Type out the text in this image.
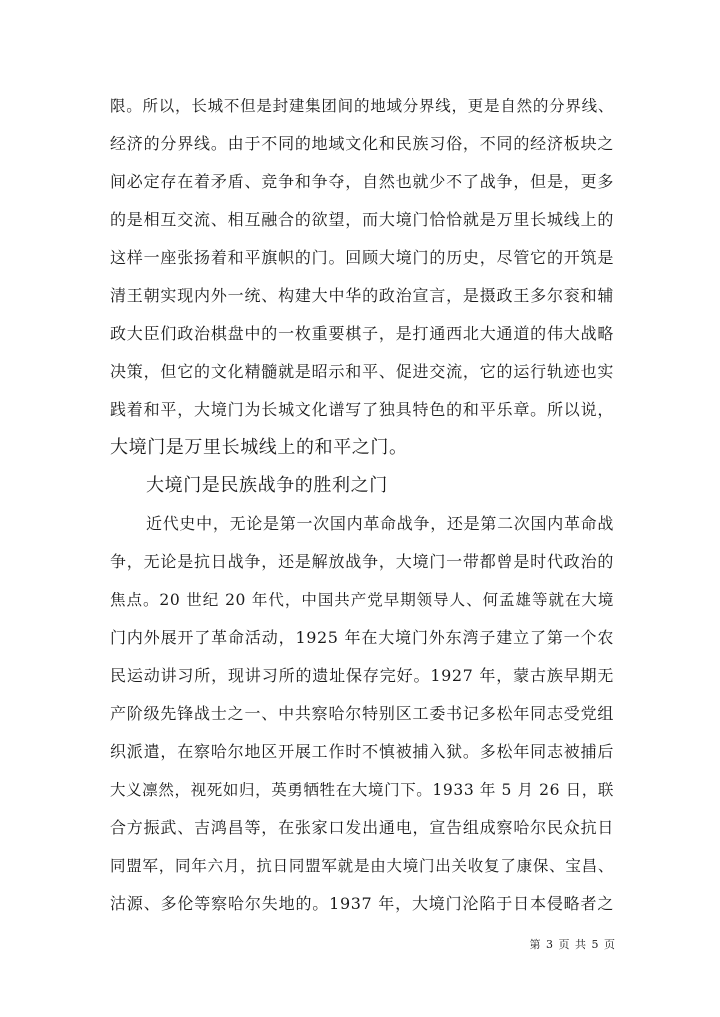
限。所以，长城不但是封建集团间的地域分界线，更是自然的分界线、
经济的分界线。由于不同的地域文化和民族习俗，不同的经济板块之
间必定存在着矛盾、竞争和争夺，自然也就少不了战争，但是，更多
的是相互交流、相互融合的欲望，而大境门恰恰就是万里长城线上的
这样一座张扬着和平旗帜的门。回顾大境门的历史，尽管它的开筑是
清王朝实现内外一统、构建大中华的政治宣言，是摄政王多尔衮和辅
政大臣们政治棋盘中的一枚重要棋子，是打通西北大通道的伟大战略
决策，但它的文化精髓就是昭示和平、促进交流，它的运行轨迹也实
践着和平，大境门为长城文化谱写了独具特色的和平乐章。所以说，
大境门是万里长城线上的和平之门。
大境门是民族战争的胜利之门
近代史中，无论是第一次国内革命战争，还是第二次国内革命战
争，无论是抗日战争，还是解放战争，大境门一带都曾是时代政治的
焦点。20 世纪 20 年代，中国共产党早期领导人、何孟雄等就在大境
门内外展开了革命活动，1925 年在大境门外东湾子建立了第一个农
民运动讲习所，现讲习所的遗址保存完好。1927 年，蒙古族早期无
产阶级先锋战士之一、中共察哈尔特别区工委书记多松年同志受党组
织派遣，在察哈尔地区开展工作时不慎被捕入狱。多松年同志被捕后
大义凛然，视死如归，英勇牺牲在大境门下。1933 年 5 月 26 日，联
合方振武、吉鸿昌等，在张家口发出通电，宣告组成察哈尔民众抗日
同盟军，同年六月，抗日同盟军就是由大境门出关收复了康保、宝昌、
沽源、多伦等察哈尔失地的。1937 年，大境门沦陷于日本侵略者之
第 3 页 共 5 页
